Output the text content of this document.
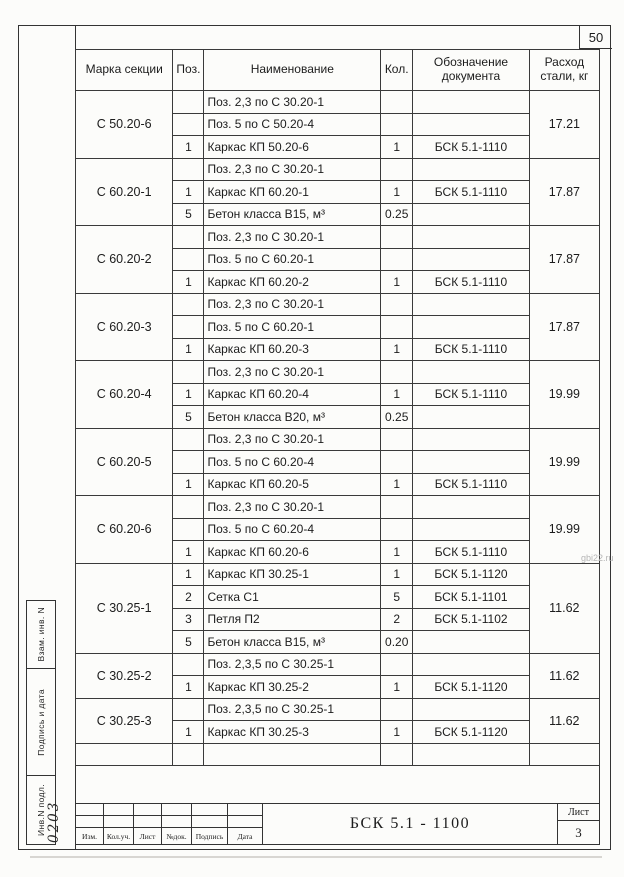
50
Марка секции	Поз.	Наименование	Кол.	Обозначение документа	Расход стали, кг
С 50.20-6		Поз. 2,3 по С 30.20-1			17.21
		Поз. 5 по С 50.20-4			
	1	Каркас КП 50.20-6	1	БСК 5.1-1110	
С 60.20-1		Поз. 2,3 по С 30.20-1			17.87
	1	Каркас КП 60.20-1	1	БСК 5.1-1110	
	5	Бетон класса В15, м³	0.25		
С 60.20-2		Поз. 2,3 по С 30.20-1			17.87
		Поз. 5 по С 60.20-1			
	1	Каркас КП 60.20-2	1	БСК 5.1-1110	
С 60.20-3		Поз. 2,3 по С 30.20-1			17.87
		Поз. 5 по С 60.20-1			
	1	Каркас КП 60.20-3	1	БСК 5.1-1110	
С 60.20-4		Поз. 2,3 по С 30.20-1			19.99
	1	Каркас КП 60.20-4	1	БСК 5.1-1110	
	5	Бетон класса В20, м³	0.25		
С 60.20-5		Поз. 2,3 по С 30.20-1			19.99
		Поз. 5 по С 60.20-4			
	1	Каркас КП 60.20-5	1	БСК 5.1-1110	
С 60.20-6		Поз. 2,3 по С 30.20-1			19.99
		Поз. 5 по С 60.20-4			
	1	Каркас КП 60.20-6	1	БСК 5.1-1110	
С 30.25-1	1	Каркас КП 30.25-1	1	БСК 5.1-1120	11.62
	2	Сетка С1	5	БСК 5.1-1101	
	3	Петля П2	2	БСК 5.1-1102	
	5	Бетон класса В15, м³	0.20		
С 30.25-2		Поз. 2,3,5 по С 30.25-1			11.62
	1	Каркас КП 30.25-2	1	БСК 5.1-1120	
С 30.25-3		Поз. 2,3,5 по С 30.25-1			11.62
	1	Каркас КП 30.25-3	1	БСК 5.1-1120	

Взам. инв. N
Подпись и дата
Инв.N подл. 0203	Изм.	Кол.уч.	Лист	№док.	Подпись	Дата
БСК 5.1 - 1100
Лист
3
gbi22.ru
